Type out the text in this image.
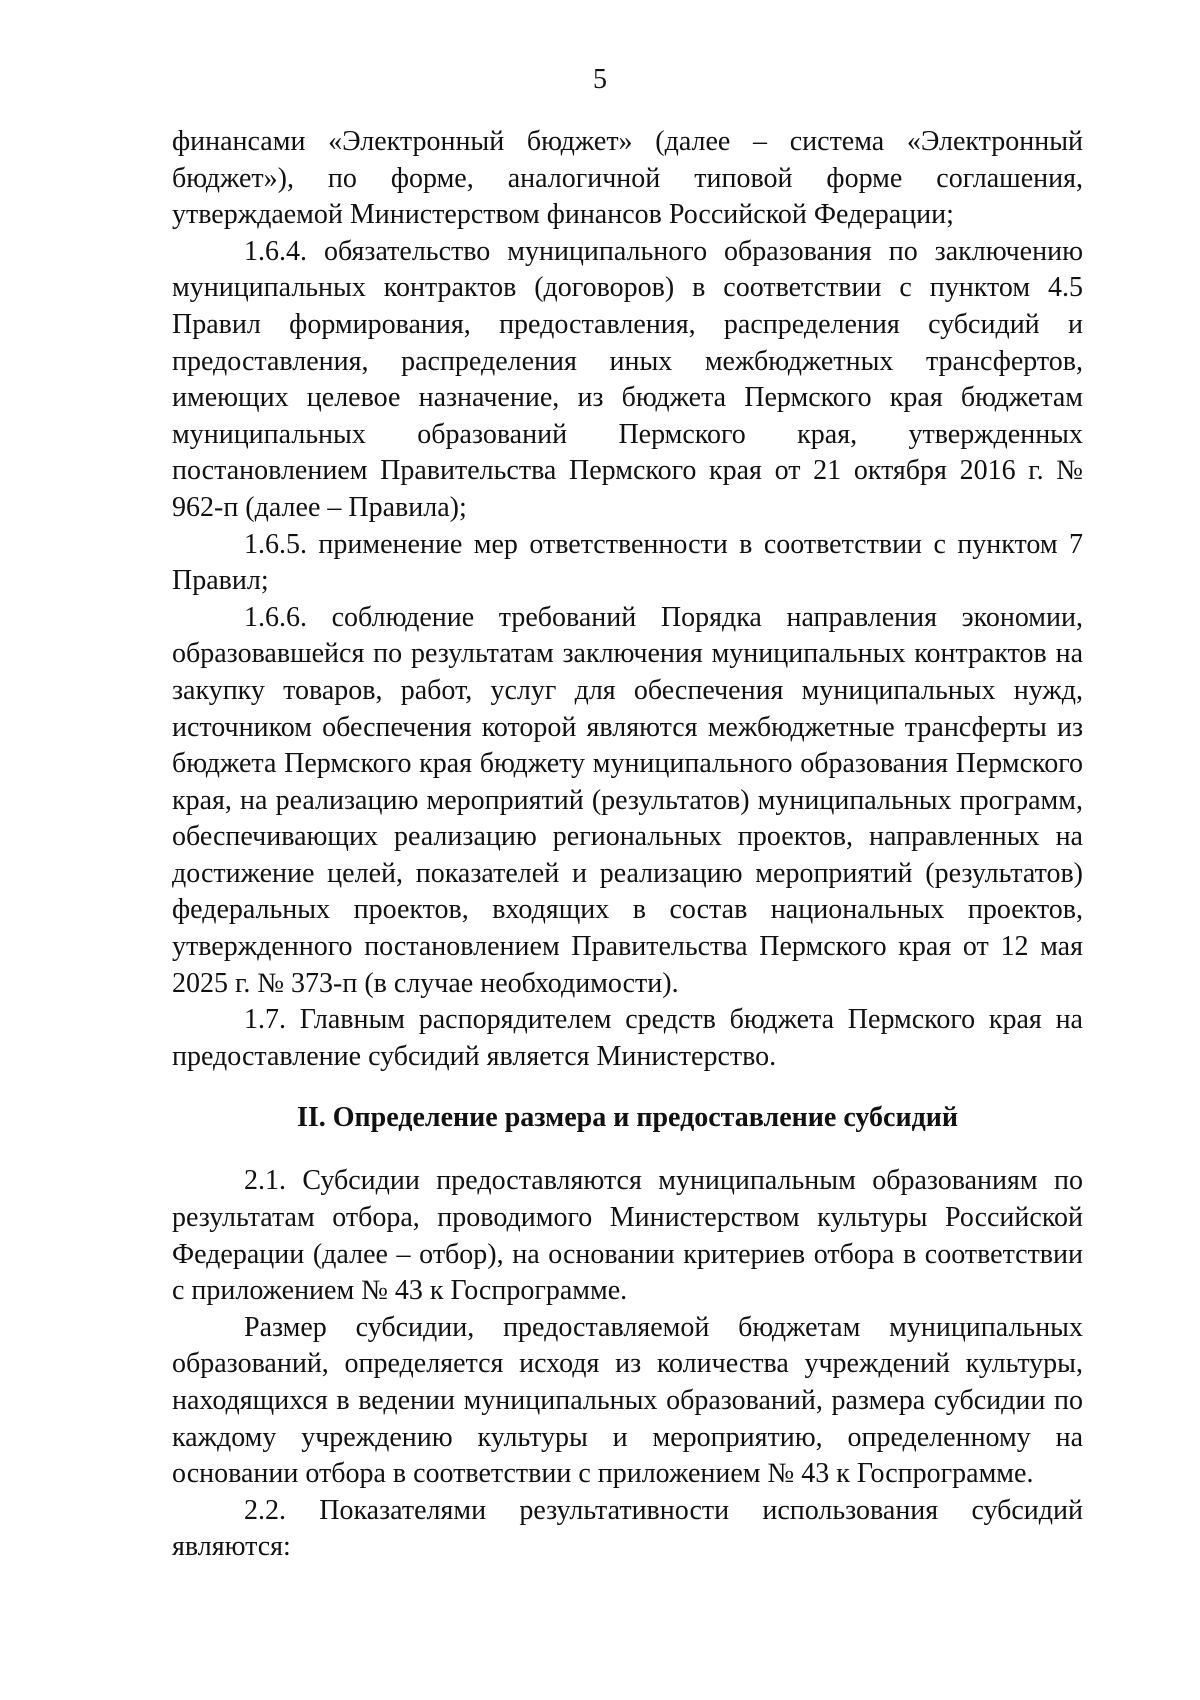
5

финансами «Электронный бюджет» (далее – система «Электронный бюджет»), по форме, аналогичной типовой форме соглашения, утверждаемой Министерством финансов Российской Федерации;

1.6.4. обязательство муниципального образования по заключению муниципальных контрактов (договоров) в соответствии с пунктом 4.5 Правил формирования, предоставления, распределения субсидий и предоставления, распределения иных межбюджетных трансфертов, имеющих целевое назначение, из бюджета Пермского края бюджетам муниципальных образований Пермского края, утвержденных постановлением Правительства Пермского края от 21 октября 2016 г. № 962-п (далее – Правила);

1.6.5. применение мер ответственности в соответствии с пунктом 7 Правил;

1.6.6. соблюдение требований Порядка направления экономии, образовавшейся по результатам заключения муниципальных контрактов на закупку товаров, работ, услуг для обеспечения муниципальных нужд, источником обеспечения которой являются межбюджетные трансферты из бюджета Пермского края бюджету муниципального образования Пермского края, на реализацию мероприятий (результатов) муниципальных программ, обеспечивающих реализацию региональных проектов, направленных на достижение целей, показателей и реализацию мероприятий (результатов) федеральных проектов, входящих в состав национальных проектов, утвержденного постановлением Правительства Пермского края от 12 мая 2025 г. № 373-п (в случае необходимости).

1.7. Главным распорядителем средств бюджета Пермского края на предоставление субсидий является Министерство.

II. Определение размера и предоставление субсидий

2.1. Субсидии предоставляются муниципальным образованиям по результатам отбора, проводимого Министерством культуры Российской Федерации (далее – отбор), на основании критериев отбора в соответствии с приложением № 43 к Госпрограмме.

Размер субсидии, предоставляемой бюджетам муниципальных образований, определяется исходя из количества учреждений культуры, находящихся в ведении муниципальных образований, размера субсидии по каждому учреждению культуры и мероприятию, определенному на основании отбора в соответствии с приложением № 43 к Госпрограмме.

2.2. Показателями результативности использования субсидий являются:
